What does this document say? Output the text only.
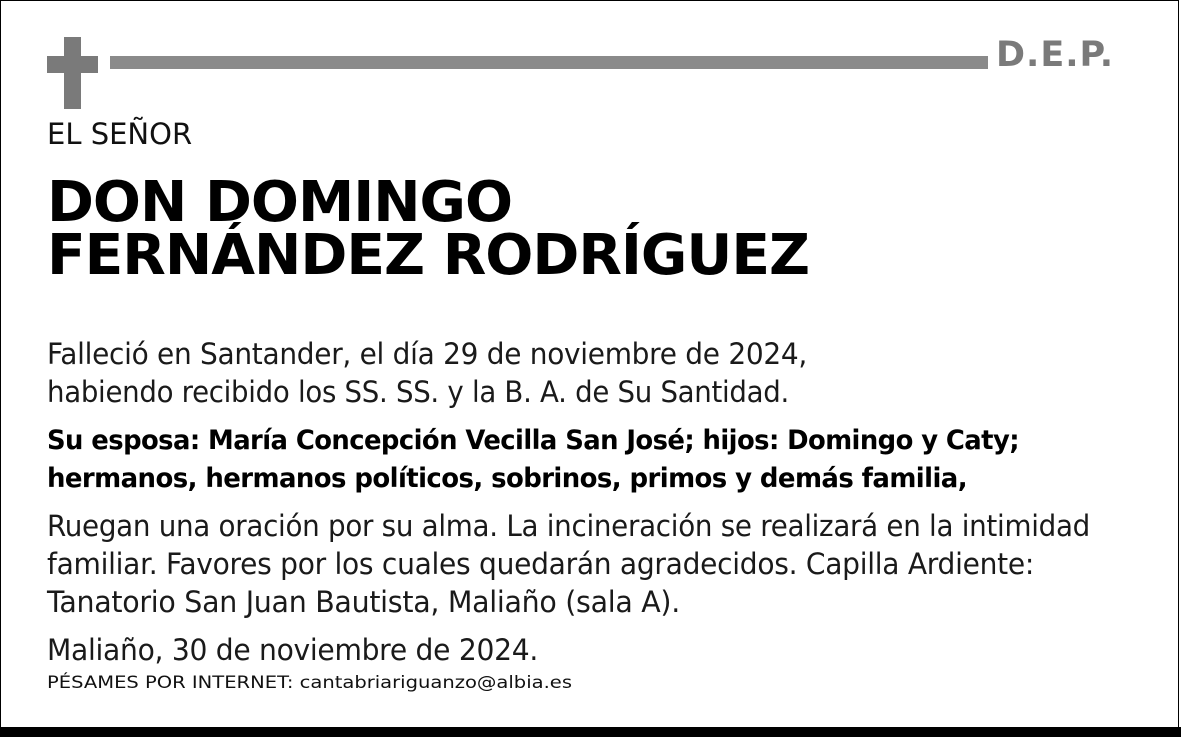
D.E.P.
EL SEÑOR
DON DOMINGO
FERNÁNDEZ RODRÍGUEZ
Falleció en Santander, el día 29 de noviembre de 2024,
habiendo recibido los SS. SS. y la B. A. de Su Santidad.
Su esposa: María Concepción Vecilla San José; hijos: Domingo y Caty;
hermanos, hermanos políticos, sobrinos, primos y demás familia,
Ruegan una oración por su alma. La incineración se realizará en la intimidad
familiar. Favores por los cuales quedarán agradecidos. Capilla Ardiente:
Tanatorio San Juan Bautista, Maliaño (sala A).
Maliaño, 30 de noviembre de 2024.
PÉSAMES POR INTERNET: cantabriariguanzo@albia.es
